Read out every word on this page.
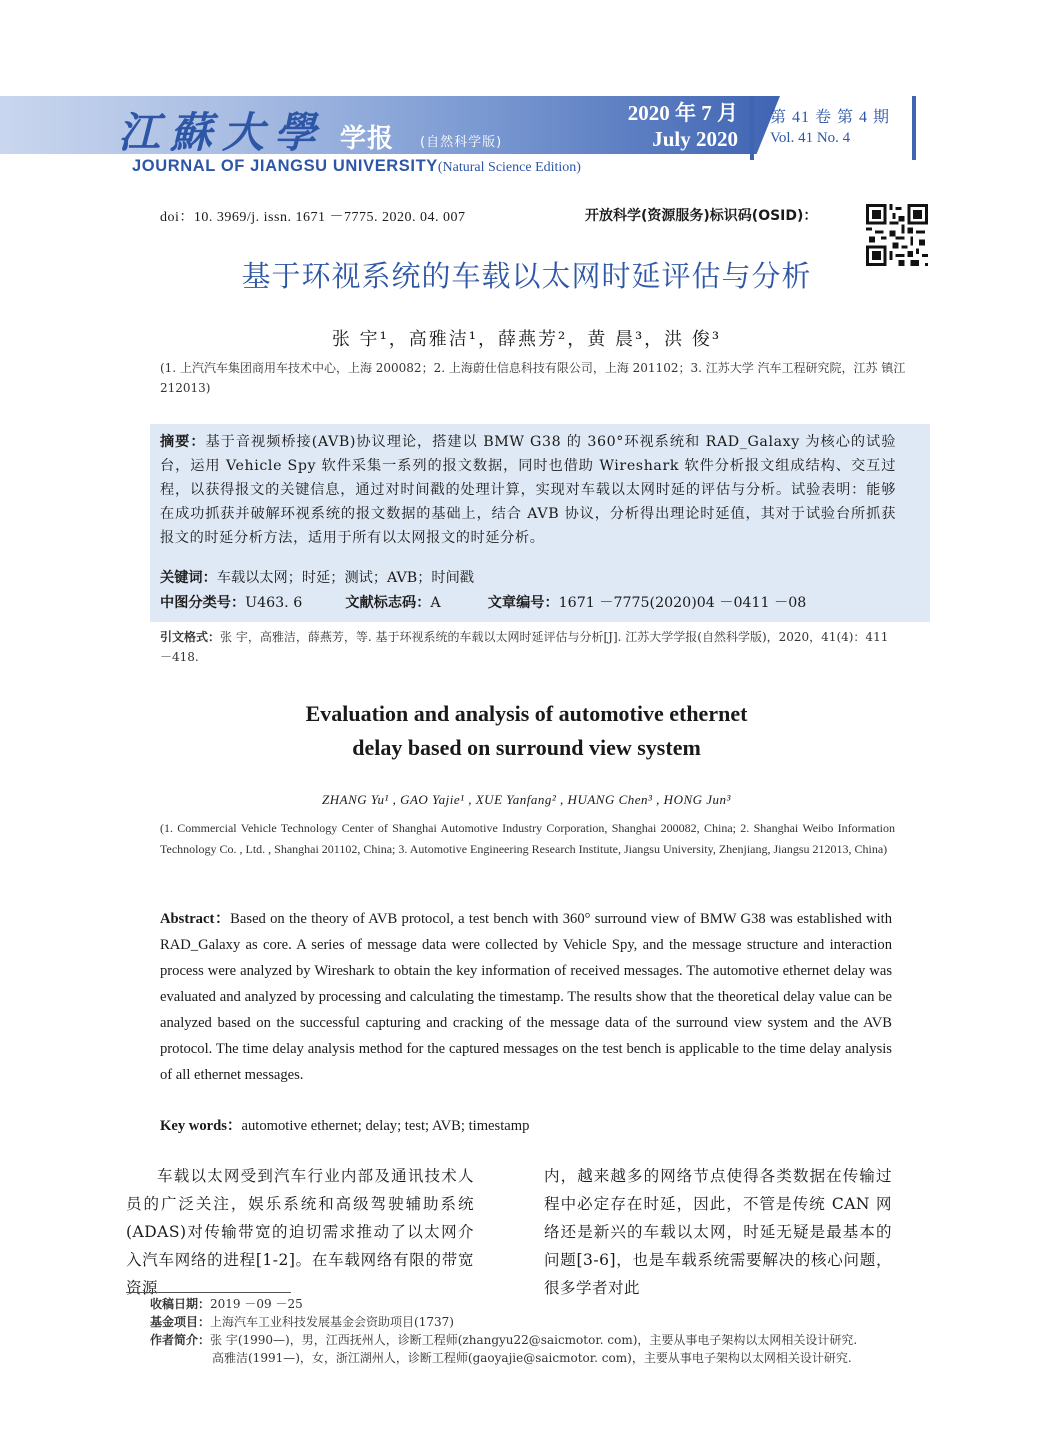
江蘇大學 学报 (自然科学版)
JOURNAL OF JIANGSU UNIVERSITY(Natural Science Edition)
2020 年 7 月
July 2020
第 41 卷 第 4 期
Vol. 41 No. 4
doi：10. 3969/j. issn. 1671 －7775. 2020. 04. 007	开放科学(资源服务)标识码(OSID)：
基于环视系统的车载以太网时延评估与分析
张 宇¹，高雅洁¹，薛燕芳²，黄 晨³，洪 俊³
(1. 上汽汽车集团商用车技术中心，上海 200082；2. 上海蔚仕信息科技有限公司，上海 201102；3. 江苏大学 汽车工程研究院，江苏 镇江 212013)
摘要：基于音视频桥接(AVB)协议理论，搭建以 BMW G38 的 360°环视系统和 RAD_Galaxy 为核心的试验台，运用 Vehicle Spy 软件采集一系列的报文数据，同时也借助 Wireshark 软件分析报文组成结构、交互过程，以获得报文的关键信息，通过对时间戳的处理计算，实现对车载以太网时延的评估与分析。试验表明：能够在成功抓获并破解环视系统的报文数据的基础上，结合 AVB 协议，分析得出理论时延值，其对于试验台所抓获报文的时延分析方法，适用于所有以太网报文的时延分析。
关键词：车载以太网；时延；测试；AVB；时间戳
中图分类号：U463. 6	文献标志码：A	文章编号：1671 －7775(2020)04 －0411 －08
引文格式：张 宇，高雅洁，薛燕芳，等. 基于环视系统的车载以太网时延评估与分析[J]. 江苏大学学报(自然科学版)，2020，41(4)：411 －418.
Evaluation and analysis of automotive ethernet
delay based on surround view system
ZHANG Yu¹ , GAO Yajie¹ , XUE Yanfang² , HUANG Chen³ , HONG Jun³
(1. Commercial Vehicle Technology Center of Shanghai Automotive Industry Corporation, Shanghai 200082, China; 2. Shanghai Weibo Information Technology Co. , Ltd. , Shanghai 201102, China; 3. Automotive Engineering Research Institute, Jiangsu University, Zhenjiang, Jiangsu 212013, China)
Abstract：Based on the theory of AVB protocol, a test bench with 360° surround view of BMW G38 was established with RAD_Galaxy as core. A series of message data were collected by Vehicle Spy, and the message structure and interaction process were analyzed by Wireshark to obtain the key information of received messages. The automotive ethernet delay was evaluated and analyzed by processing and calculating the timestamp. The results show that the theoretical delay value can be analyzed based on the successful capturing and cracking of the message data of the surround view system and the AVB protocol. The time delay analysis method for the captured messages on the test bench is applicable to the time delay analysis of all ethernet messages.
Key words：automotive ethernet; delay; test; AVB; timestamp
车载以太网受到汽车行业内部及通讯技术人员的广泛关注，娱乐系统和高级驾驶辅助系统(ADAS)对传输带宽的迫切需求推动了以太网介入汽车网络的进程[1-2]。在车载网络有限的带宽资源
内，越来越多的网络节点使得各类数据在传输过程中必定存在时延，因此，不管是传统 CAN 网络还是新兴的车载以太网，时延无疑是最基本的问题[3-6]，也是车载系统需要解决的核心问题，很多学者对此
收稿日期：2019 －09 －25
基金项目：上海汽车工业科技发展基金会资助项目(1737)
作者简介：张 宇(1990—)，男，江西抚州人，诊断工程师(zhangyu22@saicmotor. com)，主要从事电子架构以太网相关设计研究.
高雅洁(1991—)，女，浙江湖州人，诊断工程师(gaoyajie@saicmotor. com)，主要从事电子架构以太网相关设计研究.
